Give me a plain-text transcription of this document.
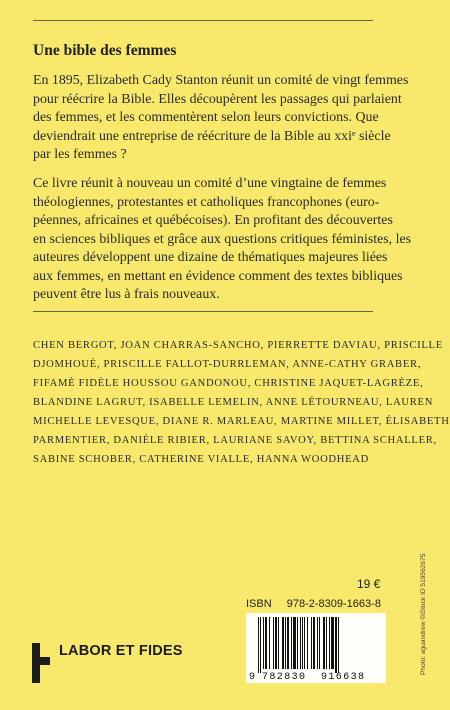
Une bible des femmes

En 1895, Elizabeth Cady Stanton réunit un comité de vingt femmes
pour réécrire la Bible. Elles découpèrent les passages qui parlaient
des femmes, et les commentèrent selon leurs convictions. Que
deviendrait une entreprise de réécriture de la Bible au xxiᵉ siècle
par les femmes ?

Ce livre réunit à nouveau un comité d’une vingtaine de femmes
théologiennes, protestantes et catholiques francophones (euro-
péennes, africaines et québécoises). En profitant des découvertes
en sciences bibliques et grâce aux questions critiques féministes, les
auteures développent une dizaine de thématiques majeures liées
aux femmes, en mettant en évidence comment des textes bibliques
peuvent être lus à frais nouveaux.

CHEN BERGOT, JOAN CHARRAS-SANCHO, PIERRETTE DAVIAU, PRISCILLE
DJOMHOUÉ, PRISCILLE FALLOT-DURRLEMAN, ANNE-CATHY GRABER,
FIFAMÈ FIDÈLE HOUSSOU GANDONOU, CHRISTINE JAQUET-LAGRÈZE,
BLANDINE LAGRUT, ISABELLE LEMELIN, ANNE LÉTOURNEAU, LAUREN
MICHELLE LEVESQUE, DIANE R. MARLEAU, MARTINE MILLET, ÉLISABETH
PARMENTIER, DANIÈLE RIBIER, LAURIANE SAVOY, BETTINA SCHALLER,
SABINE SCHOBER, CATHERINE VIALLE, HANNA WOODHEAD

19 €
ISBN 978-2-8309-1663-8
9 782830 916638
LABOR ET FIDES	Photo: aguandrew ©iStock ID 519562675
